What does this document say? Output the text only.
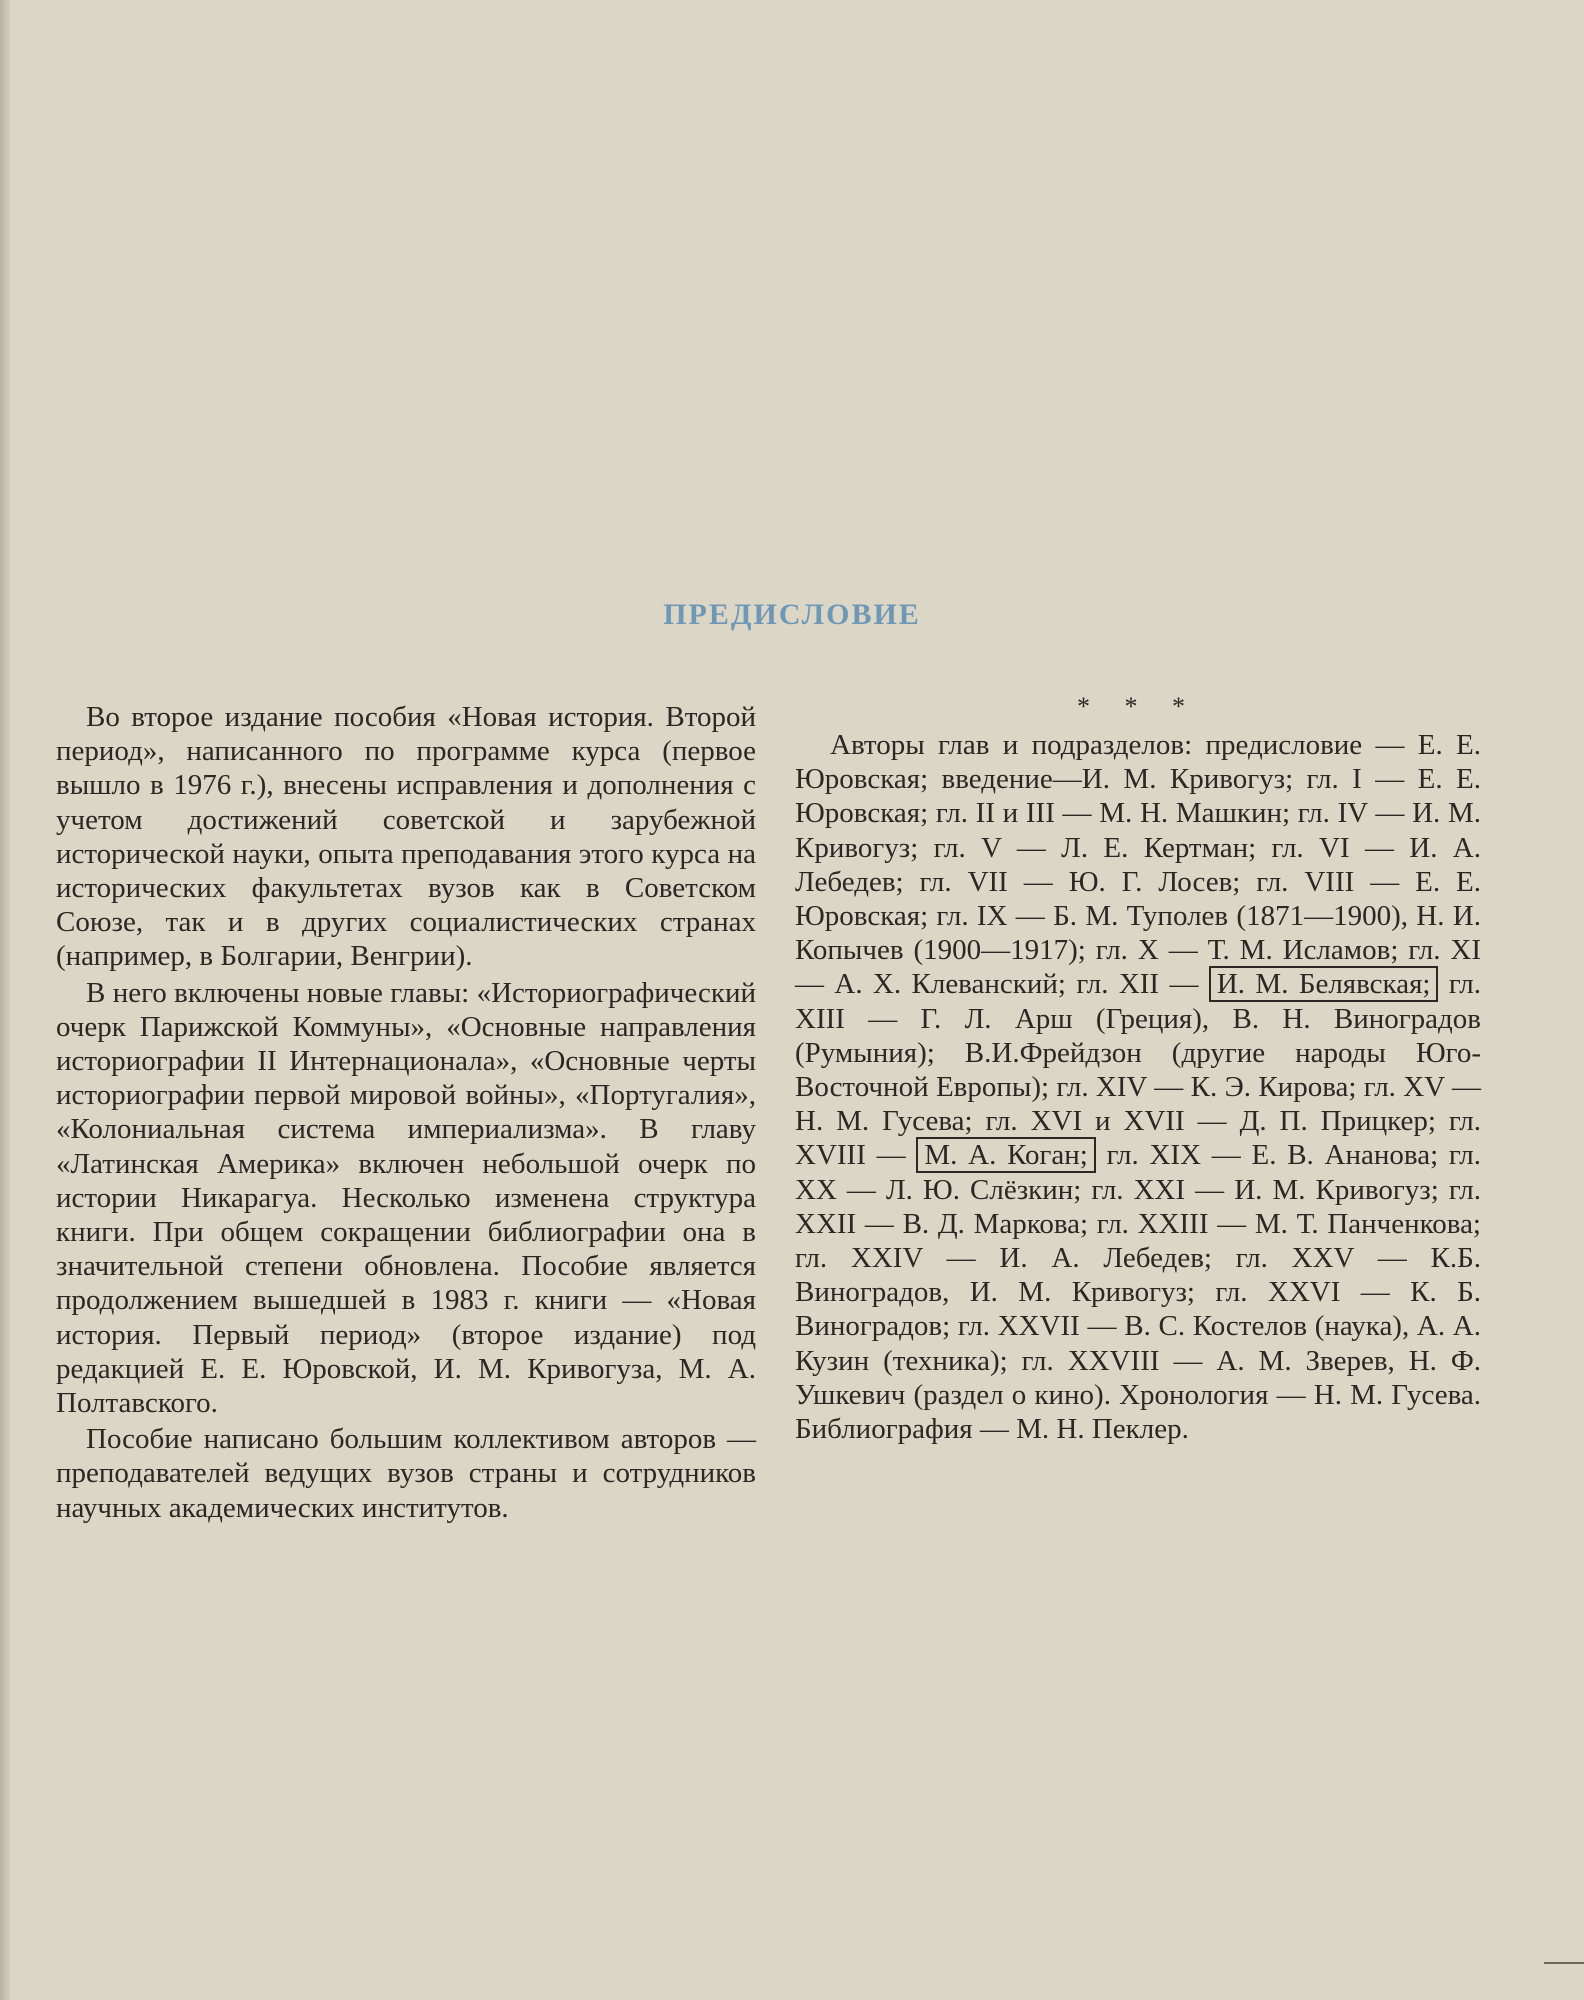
ПРЕДИСЛОВИЕ

Во второе издание пособия «Новая история. Второй период», написанного по программе курса (первое вышло в 1976 г.), внесены исправления и дополнения с учетом достижений советской и зарубежной исторической науки, опыта преподавания этого курса на исторических факультетах вузов как в Советском Союзе, так и в других социалистических странах (например, в Болгарии, Венгрии).

В него включены новые главы: «Историографический очерк Парижской Коммуны», «Основные направления историографии II Интернационала», «Основные черты историографии первой мировой войны», «Португалия», «Колониальная система империализма». В главу «Латинская Америка» включен небольшой очерк по истории Никарагуа. Несколько изменена структура книги. При общем сокращении библиографии она в значительной степени обновлена. Пособие является продолжением вышедшей в 1983 г. книги — «Новая история. Первый период» (второе издание) под редакцией Е. Е. Юровской, И. М. Кривогуза, М. А. Полтавского.

Пособие написано большим коллективом авторов — преподавателей ведущих вузов страны и сотрудников научных академических институтов.

* * *

Авторы глав и подразделов: предисловие — Е. Е. Юровская; введение—И. М. Кривогуз; гл. I — Е. Е. Юровская; гл. II и III — М. Н. Машкин; гл. IV — И. М. Кривогуз; гл. V — Л. Е. Кертман; гл. VI — И. А. Лебедев; гл. VII — Ю. Г. Лосев; гл. VIII — Е. Е. Юровская; гл. IX — Б. М. Туполев (1871—1900), Н. И. Копычев (1900—1917); гл. X — Т. М. Исламов; гл. XI — А. Х. Клеванский; гл. XII — И. М. Белявская; гл. XIII — Г. Л. Арш (Греция), В. Н. Виноградов (Румыния); В.И.Фрейдзон (другие народы Юго-Восточной Европы); гл. XIV — К. Э. Кирова; гл. XV — Н. М. Гусева; гл. XVI и XVII — Д. П. Прицкер; гл. XVIII — М. А. Коган; гл. XIX — Е. В. Ананова; гл. XX — Л. Ю. Слёзкин; гл. XXI — И. М. Кривогуз; гл. XXII — В. Д. Маркова; гл. XXIII — М. Т. Панченкова; гл. XXIV — И. А. Лебедев; гл. XXV — К.Б. Виноградов, И. М. Кривогуз; гл. XXVI — К. Б. Виноградов; гл. XXVII — В. С. Костелов (наука), А. А. Кузин (техника); гл. XXVIII — А. М. Зверев, Н. Ф. Ушкевич (раздел о кино). Хронология — Н. М. Гусева. Библиография — М. Н. Пеклер.
